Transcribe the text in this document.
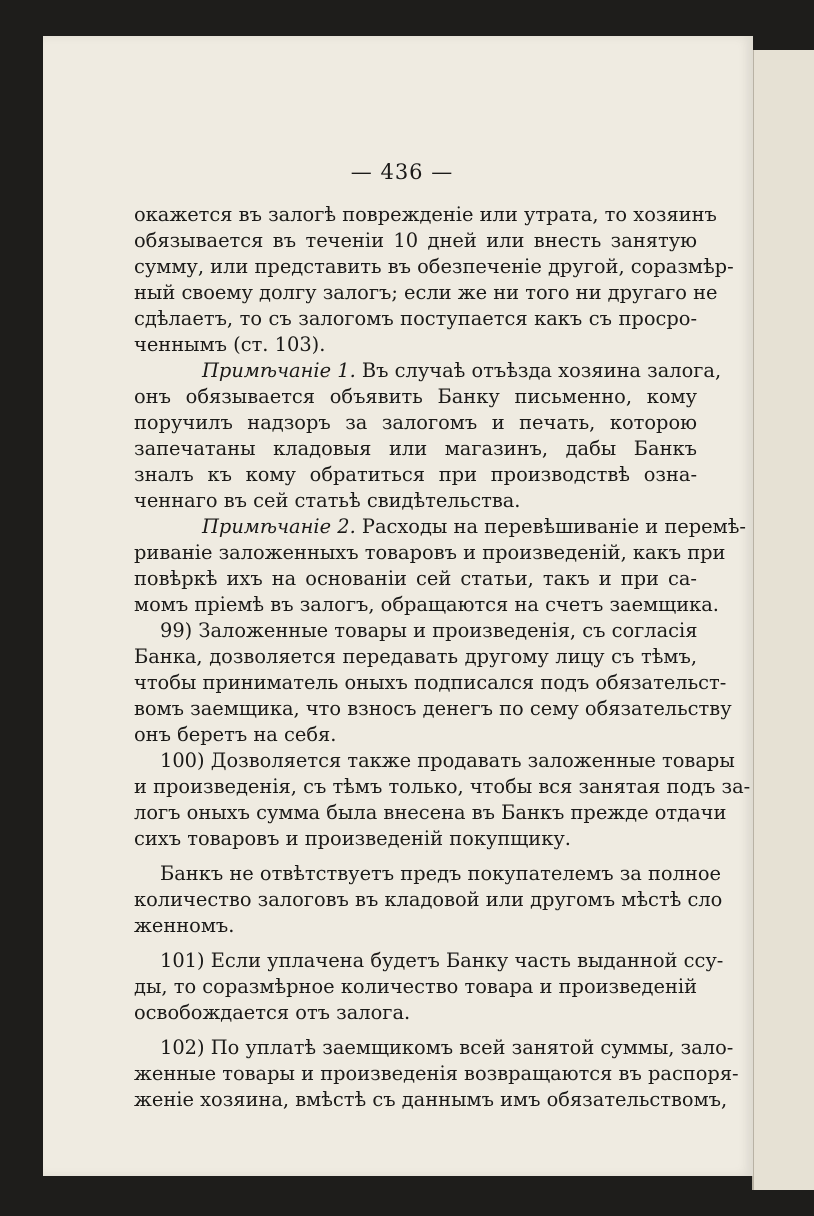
— 436 —
окажется въ залогѣ поврежденіе или утрата, то хозяинъ
обязывается въ теченіи 10 дней или внесть занятую
сумму, или представить въ обезпеченіе другой, соразмѣр-
ный своему долгу залогъ; если же ни того ни другаго не
сдѣлаетъ, то съ залогомъ поступается какъ съ просро-
ченнымъ (ст. 103).
Примѣчаніе 1. Въ случаѣ отъѣзда хозяина залога,
онъ обязывается объявить Банку письменно, кому
поручилъ надзоръ за залогомъ и печать, которою
запечатаны кладовыя или магазинъ, дабы Банкъ
зналъ къ кому обратиться при производствѣ озна-
ченнаго въ сей статьѣ свидѣтельства.
Примѣчаніе 2. Расходы на перевѣшиваніе и перемѣ-
риваніе заложенныхъ товаровъ и произведеній, какъ при
повѣркѣ ихъ на основаніи сей статьи, такъ и при са-
момъ пріемѣ въ залогъ, обращаются на счетъ заемщика.
99) Заложенные товары и произведенія, съ согласія
Банка, дозволяется передавать другому лицу съ тѣмъ,
чтобы приниматель оныхъ подписался подъ обязательст-
вомъ заемщика, что взносъ денегъ по сему обязательству
онъ беретъ на себя.
100) Дозволяется также продавать заложенные товары
и произведенія, съ тѣмъ только, чтобы вся занятая подъ за-
логъ оныхъ сумма была внесена въ Банкъ прежде отдачи
сихъ товаровъ и произведеній покупщику.
Банкъ не отвѣтствуетъ предъ покупателемъ за полное
количество залоговъ въ кладовой или другомъ мѣстѣ сло
женномъ.
101) Если уплачена будетъ Банку часть выданной ссу-
ды, то соразмѣрное количество товара и произведеній
освобождается отъ залога.
102) По уплатѣ заемщикомъ всей занятой суммы, зало-
женные товары и произведенія возвращаются въ распоря-
женіе хозяина, вмѣстѣ съ даннымъ имъ обязательствомъ,
